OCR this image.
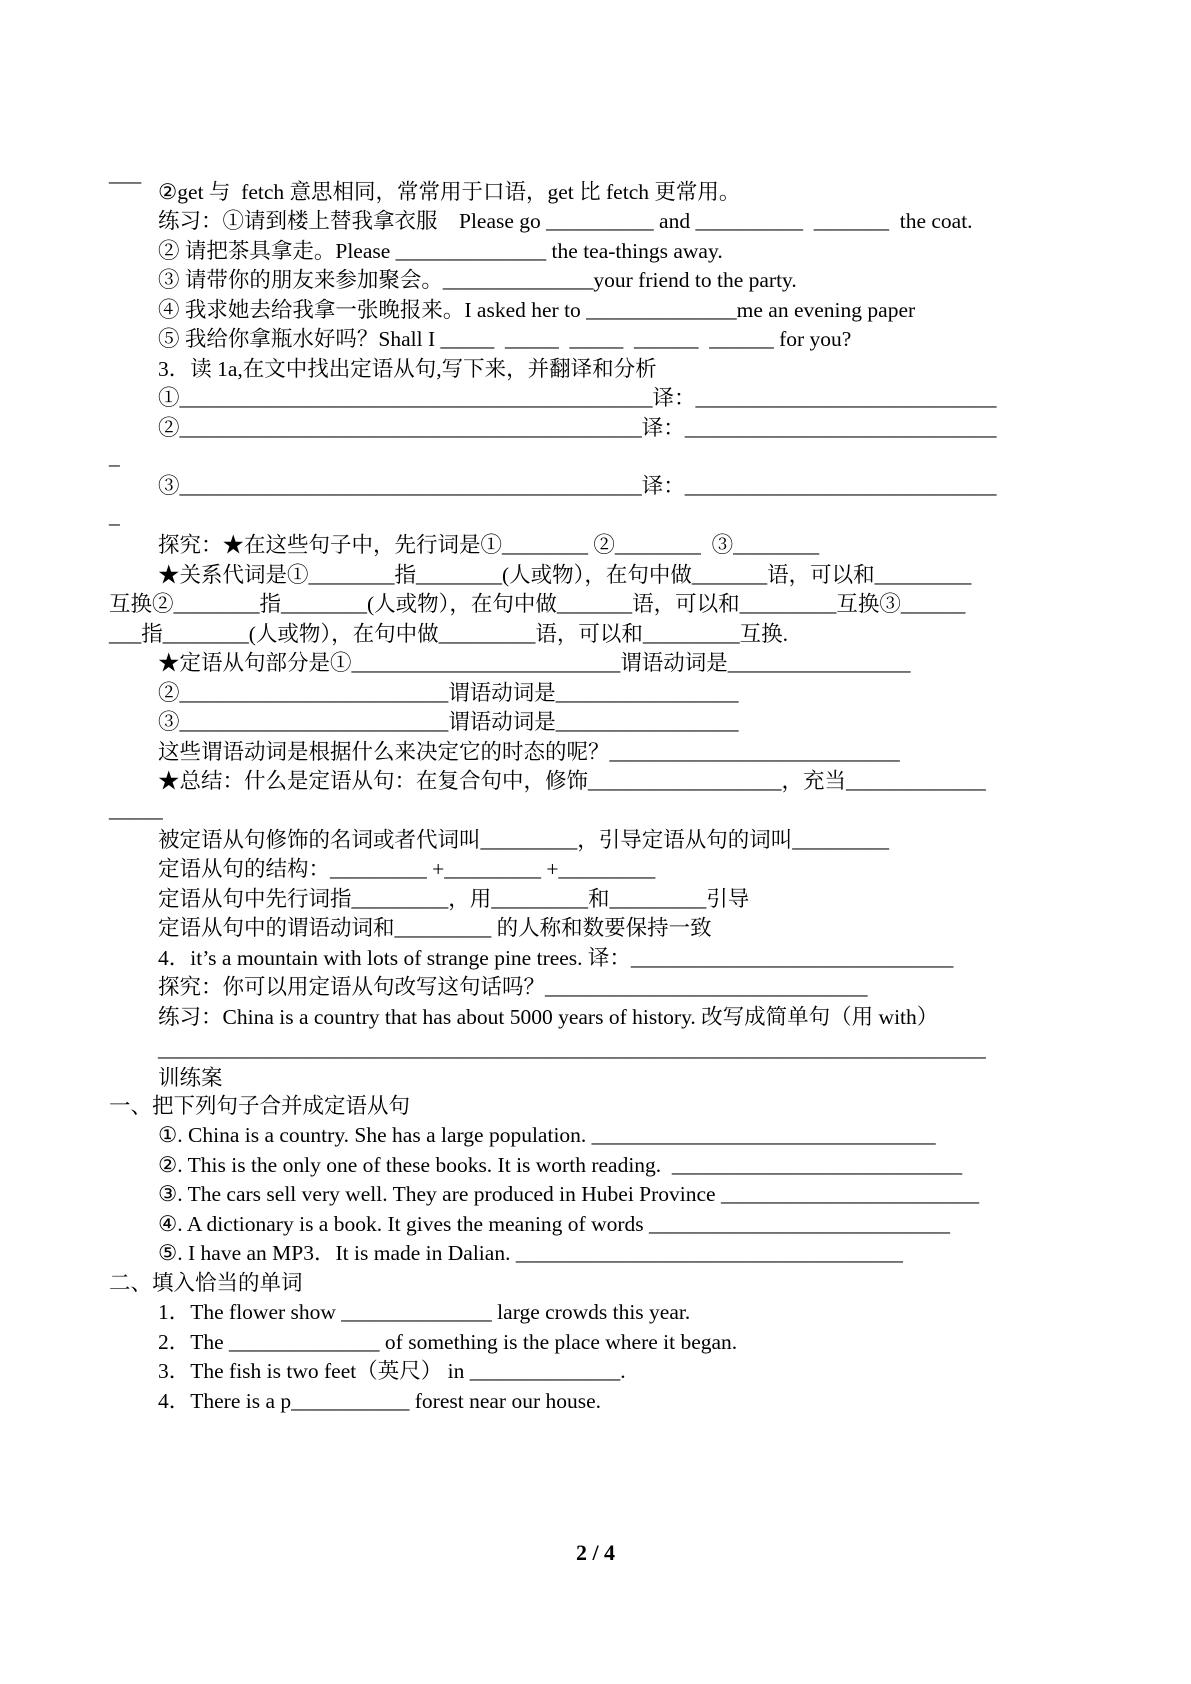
___

②get 与  fetch 意思相同，常常用于口语，get 比 fetch 更常用。

练习：①请到楼上替我拿衣服    Please go __________ and __________  _______  the coat.

② 请把茶具拿走。Please ______________ the tea-things away.

③ 请带你的朋友来参加聚会。______________your friend to the party.

④ 我求她去给我拿一张晚报来。I asked her to ______________me an evening paper

⑤ 我给你拿瓶水好吗？Shall I _____  _____  _____  ______  ______ for you?

3．读 1a,在文中找出定语从句,写下来，并翻译和分析

①____________________________________________译：____________________________

②___________________________________________译：_____________________________

_

③___________________________________________译：_____________________________

_

探究：★在这些句子中，先行词是①________ ②________  ③________

★关系代词是①________指________(人或物），在句中做_______语，可以和_________

互换②________指________(人或物），在句中做_______语，可以和_________互换③______

___指________(人或物），在句中做_________语，可以和_________互换.

★定语从句部分是①_________________________谓语动词是_________________

②_________________________谓语动词是_________________

③_________________________谓语动词是_________________

这些谓语动词是根据什么来决定它的时态的呢？___________________________

★总结：什么是定语从句：在复合句中，修饰__________________，充当_____________

_____

被定语从句修饰的名词或者代词叫_________，引导定语从句的词叫_________

定语从句的结构：_________ +_________ +_________

定语从句中先行词指_________，用_________和_________引导

定语从句中的谓语动词和_________ 的人称和数要保持一致

4．it’s a mountain with lots of strange pine trees. 译：______________________________

探究：你可以用定语从句改写这句话吗？______________________________

练习：China is a country that has about 5000 years of history. 改写成简单句（用 with）

_____________________________________________________________________________

训练案

一、把下列句子合并成定语从句

①. China is a country. She has a large population. ________________________________

②. This is the only one of these books. It is worth reading.  ___________________________

③. The cars sell very well. They are produced in Hubei Province ________________________

④. A dictionary is a book. It gives the meaning of words ____________________________

⑤. I have an MP3．It is made in Dalian. ____________________________________

二、填入恰当的单词

1．The flower show ______________ large crowds this year.

2．The ______________ of something is the place where it began.

3．The fish is two feet（英尺） in ______________.

4．There is a p___________ forest near our house.

2 / 4
